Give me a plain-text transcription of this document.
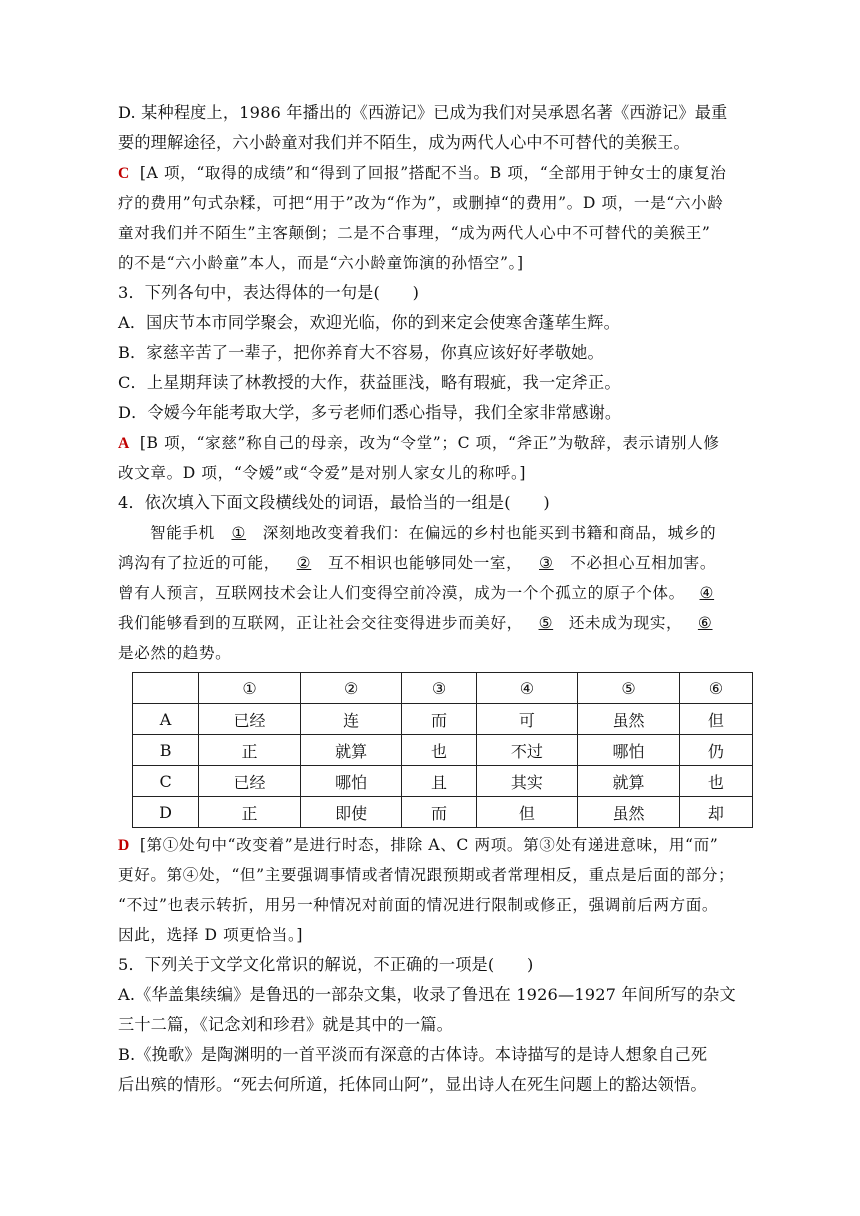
D. 某种程度上，1986 年播出的《西游记》已成为我们对吴承恩名著《西游记》最重
要的理解途径，六小龄童对我们并不陌生，成为两代人心中不可替代的美猴王。
C [A 项，“取得的成绩”和“得到了回报”搭配不当。B 项，“全部用于钟女士的康复治
疗的费用”句式杂糅，可把“用于”改为“作为”，或删掉“的费用”。D 项，一是“六小龄
童对我们并不陌生”主客颠倒；二是不合事理，“成为两代人心中不可替代的美猴王”
的不是“六小龄童”本人，而是“六小龄童饰演的孙悟空”。]
3．下列各句中，表达得体的一句是(　　)
A．国庆节本市同学聚会，欢迎光临，你的到来定会使寒舍蓬荜生辉。
B．家慈辛苦了一辈子，把你养育大不容易，你真应该好好孝敬她。
C．上星期拜读了林教授的大作，获益匪浅，略有瑕疵，我一定斧正。
D．令嫒今年能考取大学，多亏老师们悉心指导，我们全家非常感谢。
A [B 项，“家慈”称自己的母亲，改为“令堂”；C 项，“斧正”为敬辞，表示请别人修
改文章。D 项，“令嫒”或“令爱”是对别人家女儿的称呼。]
4．依次填入下面文段横线处的词语，最恰当的一组是(　　)
智能手机 ① 深刻地改变着我们：在偏远的乡村也能买到书籍和商品，城乡的
鸿沟有了拉近的可能， ② 互不相识也能够同处一室， ③ 不必担心互相加害。
曾有人预言，互联网技术会让人们变得空前冷漠，成为一个个孤立的原子个体。 ④
我们能够看到的互联网，正让社会交往变得进步而美好， ⑤ 还未成为现实， ⑥
是必然的趋势。
	①	②	③	④	⑤	⑥
A	已经	连	而	可	虽然	但
B	正	就算	也	不过	哪怕	仍
C	已经	哪怕	且	其实	就算	也
D	正	即使	而	但	虽然	却
D [第①处句中“改变着”是进行时态，排除 A、C 两项。第③处有递进意味，用“而”
更好。第④处，“但”主要强调事情或者情况跟预期或者常理相反，重点是后面的部分；
“不过”也表示转折，用另一种情况对前面的情况进行限制或修正，强调前后两方面。
因此，选择 D 项更恰当。]
5．下列关于文学文化常识的解说，不正确的一项是(　　)
A.《华盖集续编》是鲁迅的一部杂文集，收录了鲁迅在 1926—1927 年间所写的杂文
三十二篇，《记念刘和珍君》就是其中的一篇。
B.《挽歌》是陶渊明的一首平淡而有深意的古体诗。本诗描写的是诗人想象自己死
后出殡的情形。“死去何所道，托体同山阿”，显出诗人在死生问题上的豁达领悟。
